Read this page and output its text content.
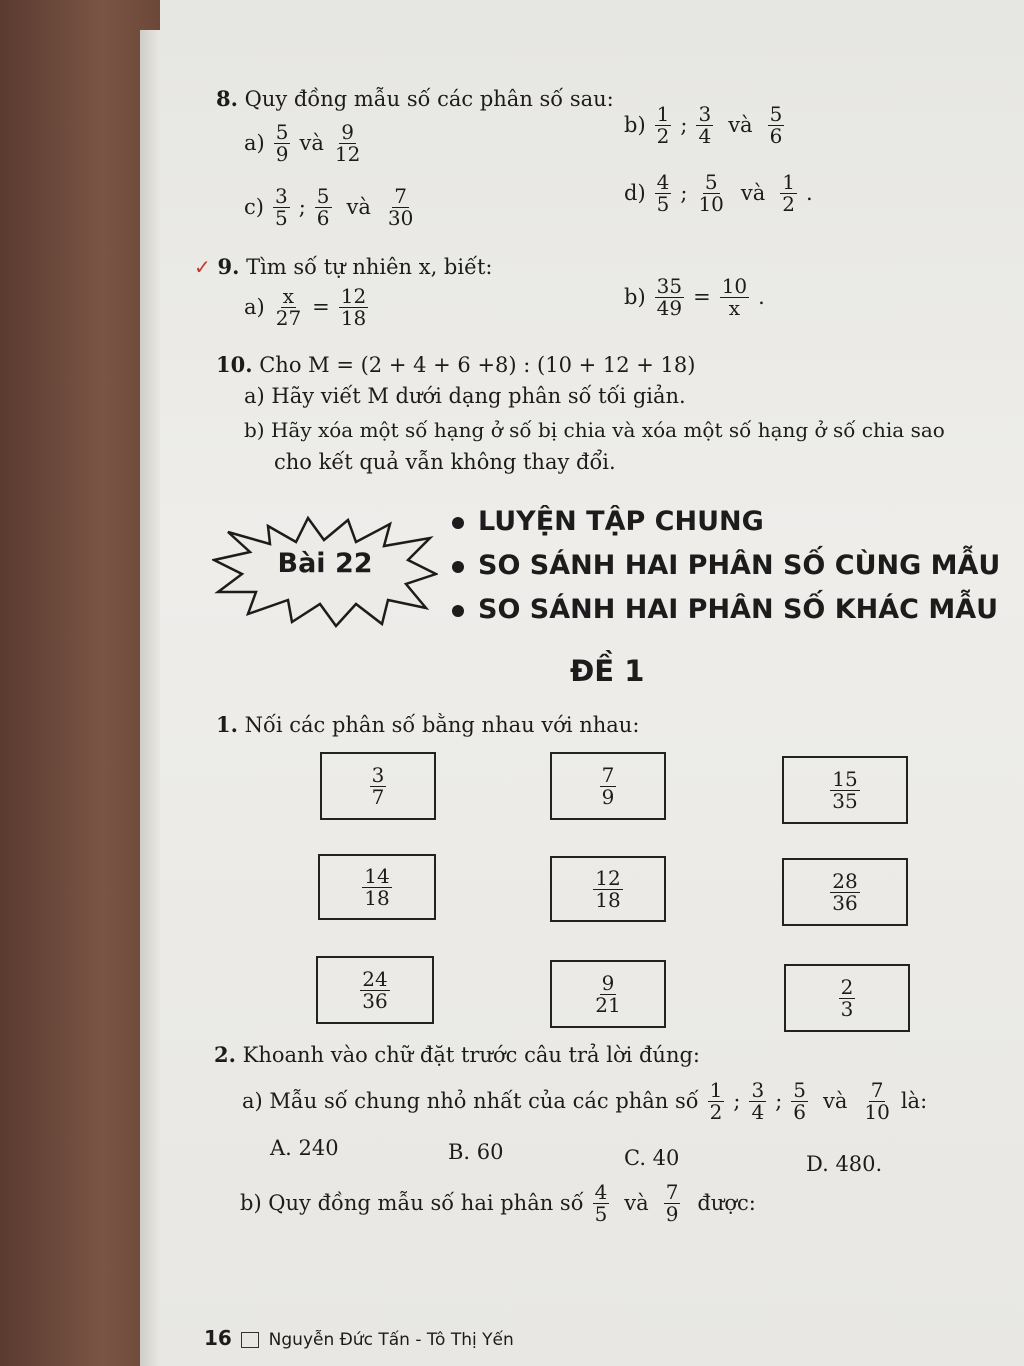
8. Quy đồng mẫu số các phân số sau:
$a) \frac{5}{9}$ và $\frac{9}{12}$	$b) \frac{1}{2}$ ; $\frac{3}{4}$ và $\frac{5}{6}$
$c) \frac{3}{5}$ ; $\frac{5}{6}$ và $\frac{7}{30}$	$d) \frac{4}{5}$ ; $\frac{5}{10}$ và $\frac{1}{2}$ .
✓ 9. Tìm số tự nhiên x, biết:
$a) \frac{x}{27} = \frac{12}{18}$	$b) \frac{35}{49} = \frac{10}{x}$ .
10. Cho M = (2 + 4 + 6 +8) : (10 + 12 + 18)
a) Hãy viết M dưới dạng phân số tối giản.
b) Hãy xóa một số hạng ở số bị chia và xóa một số hạng ở số chia sao
cho kết quả vẫn không thay đổi.
Bài 22
LUYỆN TẬP CHUNG
SO SÁNH HAI PHÂN SỐ CÙNG MẪU
SO SÁNH HAI PHÂN SỐ KHÁC MẪU
ĐỀ 1
1. Nối các phân số bằng nhau với nhau:
$\frac{3}{7}$	$\frac{7}{9}$	$\frac{15}{35}$
$\frac{14}{18}$	$\frac{12}{18}$	$\frac{28}{36}$
$\frac{24}{36}$	$\frac{9}{21}$	$\frac{2}{3}$
2. Khoanh vào chữ đặt trước câu trả lời đúng:
a) Mẫu số chung nhỏ nhất của các phân số $\frac{1}{2}$ ; $\frac{3}{4}$ ; $\frac{5}{6}$ và $\frac{7}{10}$ là:
A. 240	B. 60	C. 40	D. 480.
b) Quy đồng mẫu số hai phân số $\frac{4}{5}$ và $\frac{7}{9}$ được:
16 Nguyễn Đức Tấn - Tô Thị Yến
